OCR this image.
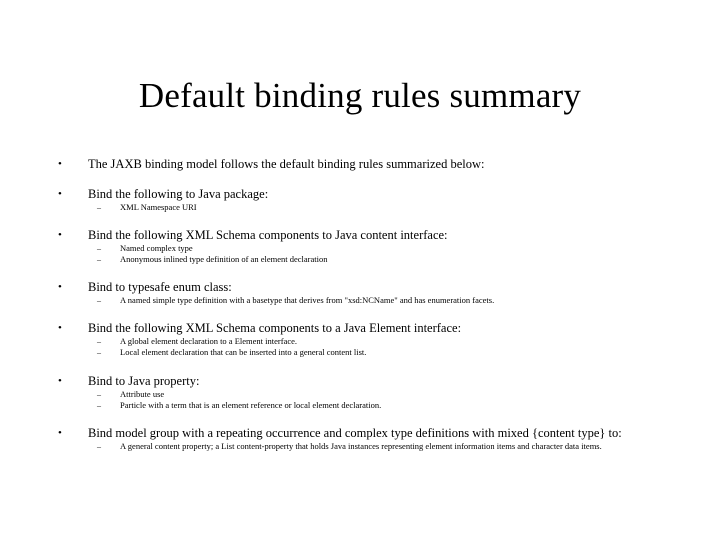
Default binding rules summary
• The JAXB binding model follows the default binding rules summarized below:
• Bind the following to Java package:
– XML Namespace URI
• Bind the following XML Schema components to Java content interface:
– Named complex type
– Anonymous inlined type definition of an element declaration
• Bind to typesafe enum class:
– A named simple type definition with a basetype that derives from "xsd:NCName" and has enumeration facets.
• Bind the following XML Schema components to a Java Element interface:
– A global element declaration to a Element interface.
– Local element declaration that can be inserted into a general content list.
• Bind to Java property:
– Attribute use
– Particle with a term that is an element reference or local element declaration.
• Bind model group with a repeating occurrence and complex type definitions with mixed {content type} to:
– A general content property; a List content-property that holds Java instances representing element information items and character data items.
